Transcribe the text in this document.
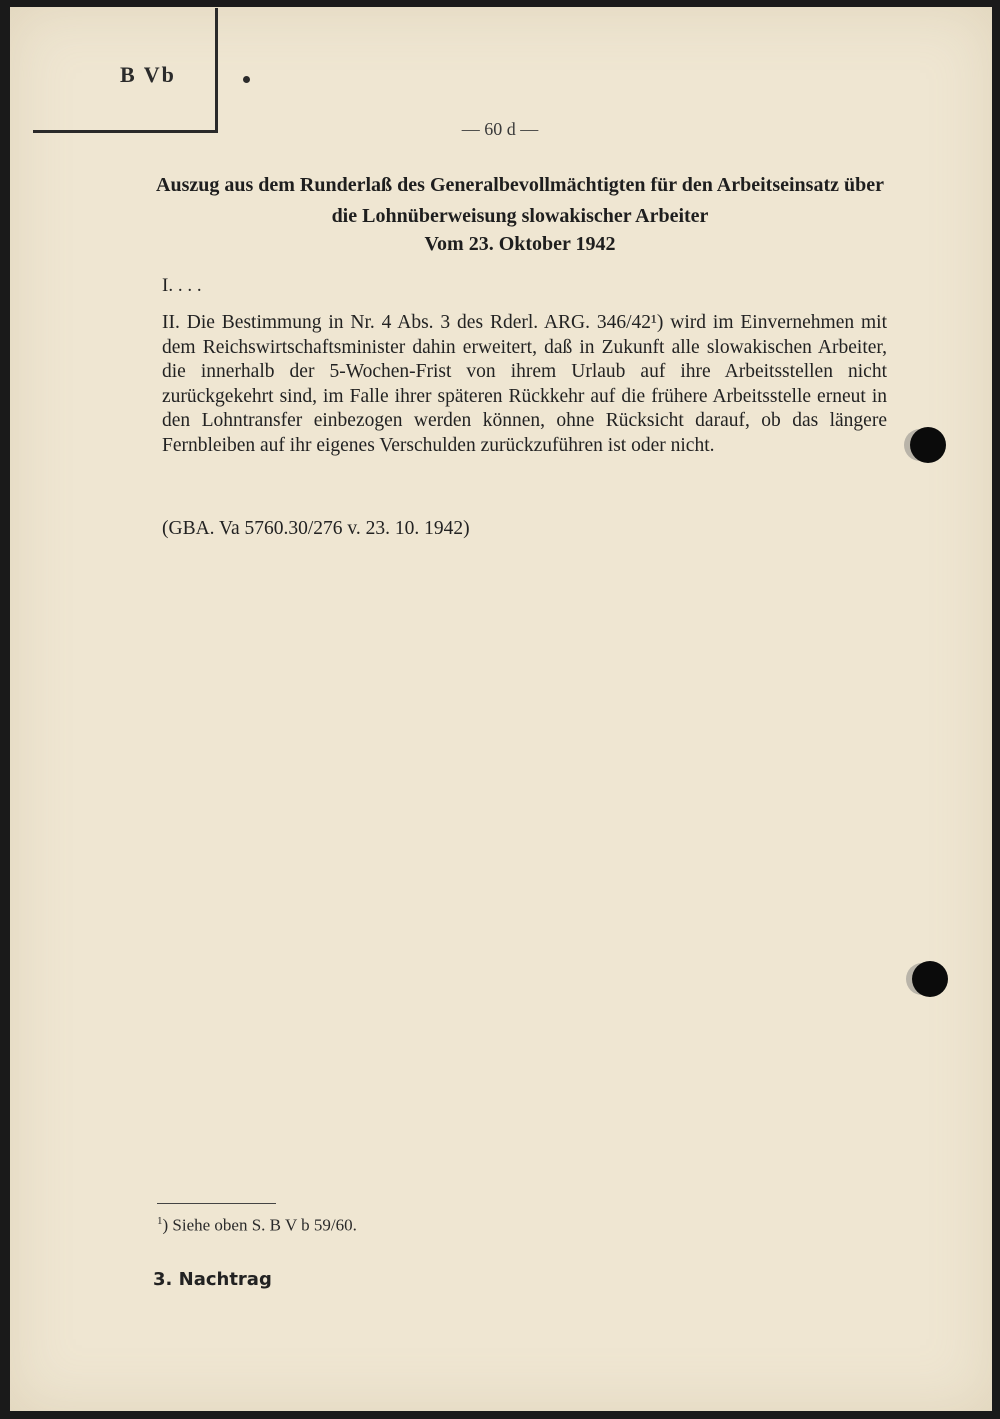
B Vb
— 60 d —
Auszug aus dem Runderlaß des Generalbevollmächtigten für den Arbeitseinsatz über die Lohnüberweisung slowakischer Arbeiter
Vom 23. Oktober 1942
I. . . .

II. Die Bestimmung in Nr. 4 Abs. 3 des Rderl. ARG. 346/42¹) wird im Einvernehmen mit dem Reichswirtschaftsminister dahin erweitert, daß in Zukunft alle slowakischen Arbeiter, die innerhalb der 5-Wochen-Frist von ihrem Urlaub auf ihre Arbeitsstellen nicht zurückgekehrt sind, im Falle ihrer späteren Rückkehr auf die frühere Arbeitsstelle erneut in den Lohntransfer einbezogen werden können, ohne Rücksicht darauf, ob das längere Fernbleiben auf ihr eigenes Verschulden zurückzuführen ist oder nicht.

(GBA. Va 5760.30/276 v. 23. 10. 1942)
$^1$) Siehe oben S. B V b 59/60.
3. Nachtrag
